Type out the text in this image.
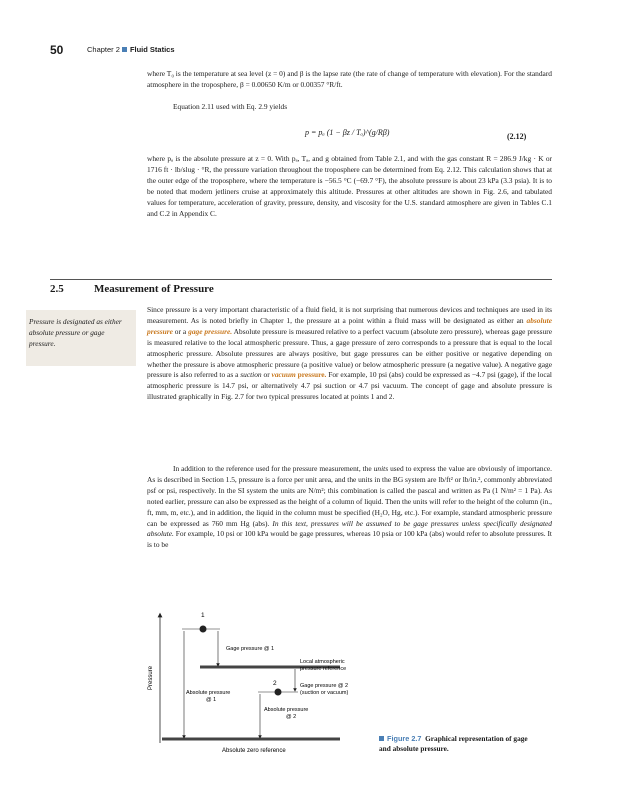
50	Chapter 2 Fluid Statics
where T₀ is the temperature at sea level (z = 0) and β is the lapse rate (the rate of change of temperature with elevation). For the standard atmosphere in the troposphere, β = 0.00650 K/m or 0.00357 °R/ft.
Equation 2.11 used with Eq. 2.9 yields
p = pₐ (1 − βz / Tₐ)^(g/Rβ)	(2.12)
where pₐ is the absolute pressure at z = 0. With pₐ, Tₐ, and g obtained from Table 2.1, and with the gas constant R = 286.9 J/kg · K or 1716 ft · lb/slug · °R, the pressure variation throughout the troposphere can be determined from Eq. 2.12. This calculation shows that at the outer edge of the troposphere, where the temperature is −56.5 °C (−69.7 °F), the absolute pressure is about 23 kPa (3.3 psia). It is to be noted that modern jetliners cruise at approximately this altitude. Pressures at other altitudes are shown in Fig. 2.6, and tabulated values for temperature, acceleration of gravity, pressure, density, and viscosity for the U.S. standard atmosphere are given in Tables C.1 and C.2 in Appendix C.
2.5	Measurement of Pressure
Pressure is designated as either absolute pressure or gage pressure.
Since pressure is a very important characteristic of a fluid field, it is not surprising that numerous devices and techniques are used in its measurement. As is noted briefly in Chapter 1, the pressure at a point within a fluid mass will be designated as either an absolute pressure or a gage pressure. Absolute pressure is measured relative to a perfect vacuum (absolute zero pressure), whereas gage pressure is measured relative to the local atmospheric pressure. Thus, a gage pressure of zero corresponds to a pressure that is equal to the local atmospheric pressure. Absolute pressures are always positive, but gage pressures can be either positive or negative depending on whether the pressure is above atmospheric pressure (a positive value) or below atmospheric pressure (a negative value). A negative gage pressure is also referred to as a suction or vacuum pressure. For example, 10 psi (abs) could be expressed as −4.7 psi (gage), if the local atmospheric pressure is 14.7 psi, or alternatively 4.7 psi suction or 4.7 psi vacuum. The concept of gage and absolute pressure is illustrated graphically in Fig. 2.7 for two typical pressures located at points 1 and 2.
In addition to the reference used for the pressure measurement, the units used to express the value are obviously of importance. As is described in Section 1.5, pressure is a force per unit area, and the units in the BG system are lb/ft² or lb/in.², commonly abbreviated psf or psi, respectively. In the SI system the units are N/m²; this combination is called the pascal and written as Pa (1 N/m² = 1 Pa). As noted earlier, pressure can also be expressed as the height of a column of liquid. Then the units will refer to the height of the column (in., ft, mm, m, etc.), and in addition, the liquid in the column must be specified (H₂O, Hg, etc.). For example, standard atmospheric pressure can be expressed as 760 mm Hg (abs). In this text, pressures will be assumed to be gage pressures unless specifically designated absolute. For example, 10 psi or 100 kPa would be gage pressures, whereas 10 psia or 100 kPa (abs) would refer to absolute pressures. It is to be
Pressure
Absolute zero reference
Local atmospheric
pressure reference
1
Gage pressure @ 1
Absolute pressure
@ 1
2	Gage pressure @ 2
(suction or vacuum)
Absolute pressure
@ 2
Figure 2.7 Graphical representation of gage and absolute pressure.
